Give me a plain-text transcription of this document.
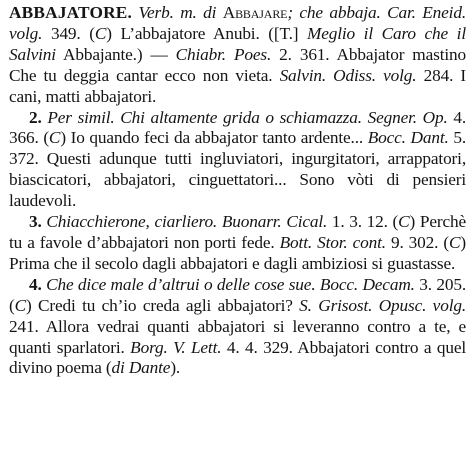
ABBAJATORE. Verb. m. di Abbajare; che abbaja. Car. Eneid. volg. 349. (C) L’abbajatore Anubi. ([T.] Meglio il Caro che il Salvini Abbajante.) — Chiabr. Poes. 2. 361. Abbajator mastino Che tu deggia cantar ecco non vieta. Salvin. Odiss. volg. 284. I cani, matti abbajatori.

2. Per simil. Chi altamente grida o schiamazza. Segner. Op. 4. 366. (C) Io quando feci da abbajator tanto ardente... Bocc. Dant. 5. 372. Questi adunque tutti ingluviatori, ingurgitatori, arrappatori, biascicatori, abbajatori, cinguettatori... Sono vòti di pensieri laudevoli.

3. Chiacchierone, ciarliero. Buonarr. Cical. 1. 3. 12. (C) Perchè tu a favole d’abbajatori non porti fede. Bott. Stor. cont. 9. 302. (C) Prima che il secolo dagli abbajatori e dagli ambiziosi si guastasse.

4. Che dice male d’altrui o delle cose sue. Bocc. Decam. 3. 205. (C) Credi tu ch’io creda agli abbajatori? S. Grisost. Opusc. volg. 241. Allora vedrai quanti abbajatori si leveranno contro a te, e quanti sparlatori. Borg. V. Lett. 4. 4. 329. Abbajatori contro a quel divino poema (di Dante).
